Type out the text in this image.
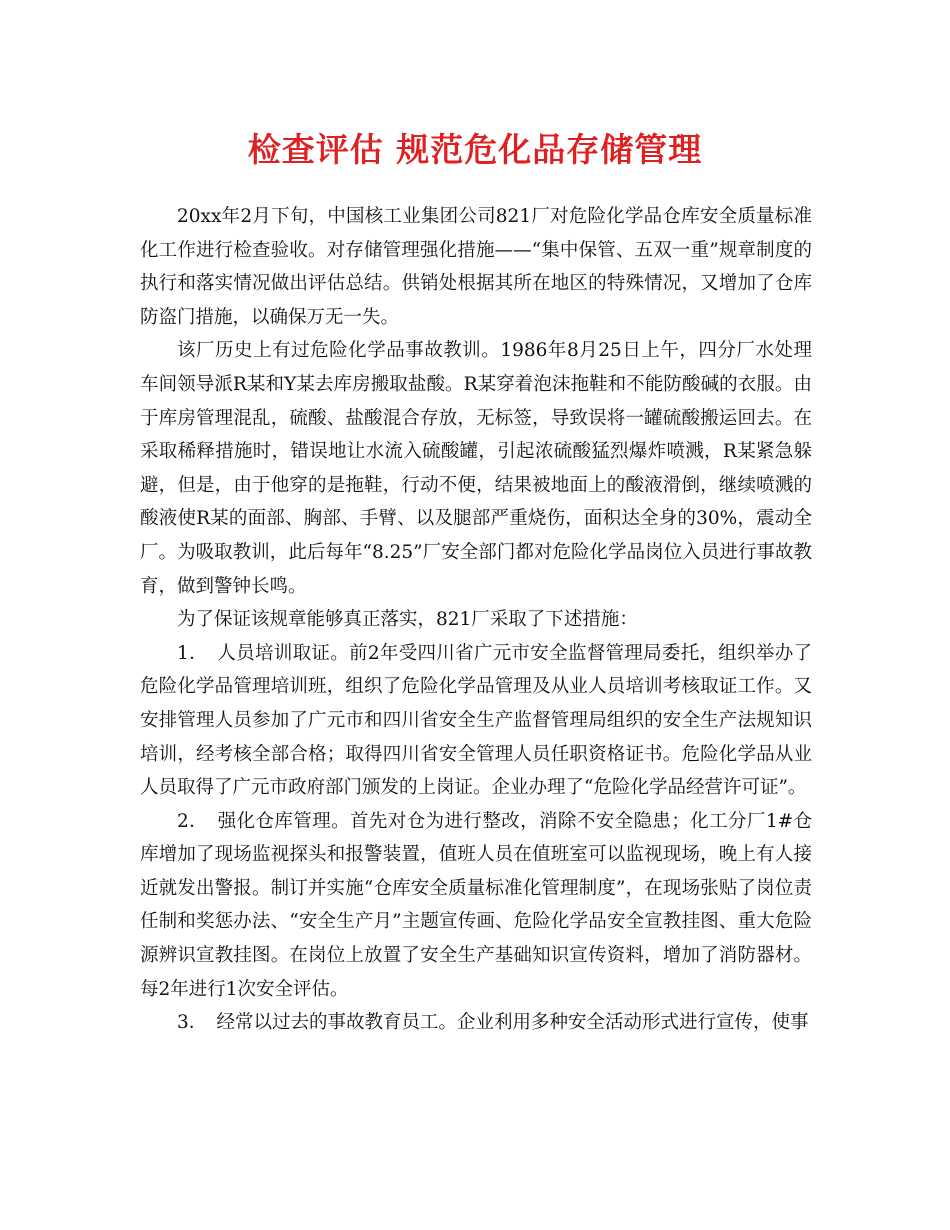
检查评估 规范危化品存储管理

20xx年2月下旬，中国核工业集团公司821厂对危险化学品仓库安全质量标准化工作进行检查验收。对存储管理强化措施——“集中保管、五双一重”规章制度的执行和落实情况做出评估总结。供销处根据其所在地区的特殊情况，又增加了仓库防盗门措施，以确保万无一失。

该厂历史上有过危险化学品事故教训。1986年8月25日上午，四分厂水处理车间领导派R某和Y某去库房搬取盐酸。R某穿着泡沫拖鞋和不能防酸碱的衣服。由于库房管理混乱，硫酸、盐酸混合存放，无标签，导致误将一罐硫酸搬运回去。在采取稀释措施时，错误地让水流入硫酸罐，引起浓硫酸猛烈爆炸喷溅，R某紧急躲避，但是，由于他穿的是拖鞋，行动不便，结果被地面上的酸液滑倒，继续喷溅的酸液使R某的面部、胸部、手臂、以及腿部严重烧伤，面积达全身的30%，震动全厂。为吸取教训，此后每年“8.25”厂安全部门都对危险化学品岗位入员进行事故教育，做到警钟长鸣。

为了保证该规章能够真正落实，821厂采取了下述措施：

1．　人员培训取证。前2年受四川省广元市安全监督管理局委托，组织举办了危险化学品管理培训班，组织了危险化学品管理及从业人员培训考核取证工作。又安排管理人员参加了广元市和四川省安全生产监督管理局组织的安全生产法规知识培训，经考核全部合格；取得四川省安全管理人员任职资格证书。危险化学品从业人员取得了广元市政府部门颁发的上岗证。企业办理了“危险化学品经营许可证”。

2．　强化仓库管理。首先对仓为进行整改，消除不安全隐患；化工分厂1#仓库增加了现场监视探头和报警装置，值班人员在值班室可以监视现场，晚上有人接近就发出警报。制订并实施“仓库安全质量标准化管理制度”，在现场张贴了岗位责任制和奖惩办法、“安全生产月”主题宣传画、危险化学品安全宣教挂图、重大危险源辨识宣教挂图。在岗位上放置了安全生产基础知识宣传资料，增加了消防器材。每2年进行1次安全评估。

3．　经常以过去的事故教育员工。企业利用多种安全活动形式进行宣传，使事
